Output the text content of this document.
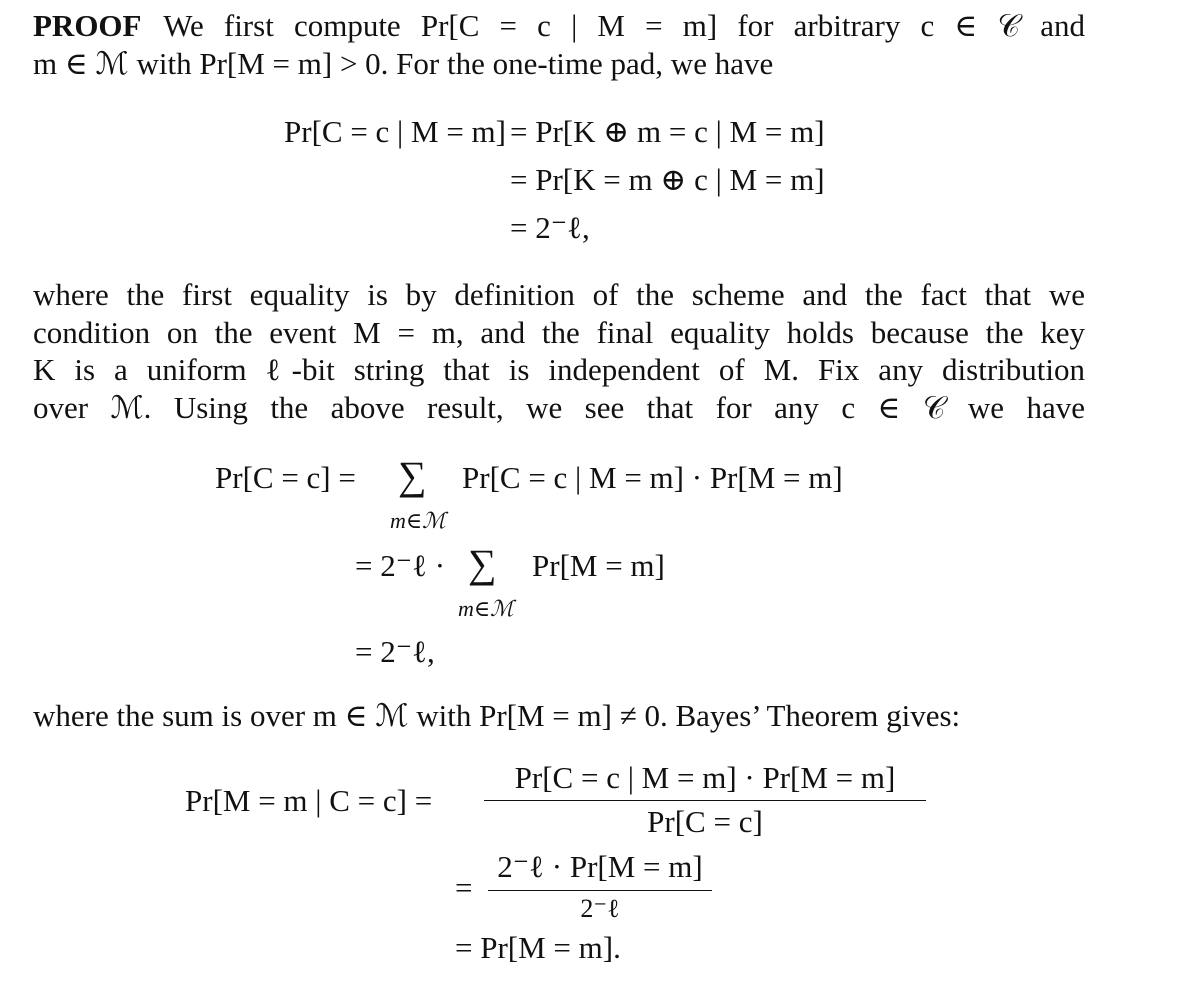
PROOF We first compute Pr[C = c | M = m] for arbitrary c ∈ 𝒞 and
m ∈ ℳ with Pr[M = m] > 0. For the one-time pad, we have
Pr[C = c | M = m] = Pr[K ⊕ m = c | M = m]
= Pr[K = m ⊕ c | M = m]
= 2⁻ℓ,
where the first equality is by definition of the scheme and the fact that we
condition on the event M = m, and the final equality holds because the key
K is a uniform ℓ-bit string that is independent of M. Fix any distribution
over ℳ. Using the above result, we see that for any c ∈ 𝒞 we have
Pr[C = c] = ∑
m∈ℳ
Pr[C = c | M = m] · Pr[M = m]
= 2⁻ℓ · ∑
m∈ℳ
Pr[M = m]
= 2⁻ℓ,
where the sum is over m ∈ ℳ with Pr[M = m] ≠ 0. Bayes’ Theorem gives:
Pr[M = m | C = c] =
Pr[C = c | M = m] · Pr[M = m]
Pr[C = c]
=
2⁻ℓ · Pr[M = m]
2⁻ℓ
= Pr[M = m].
